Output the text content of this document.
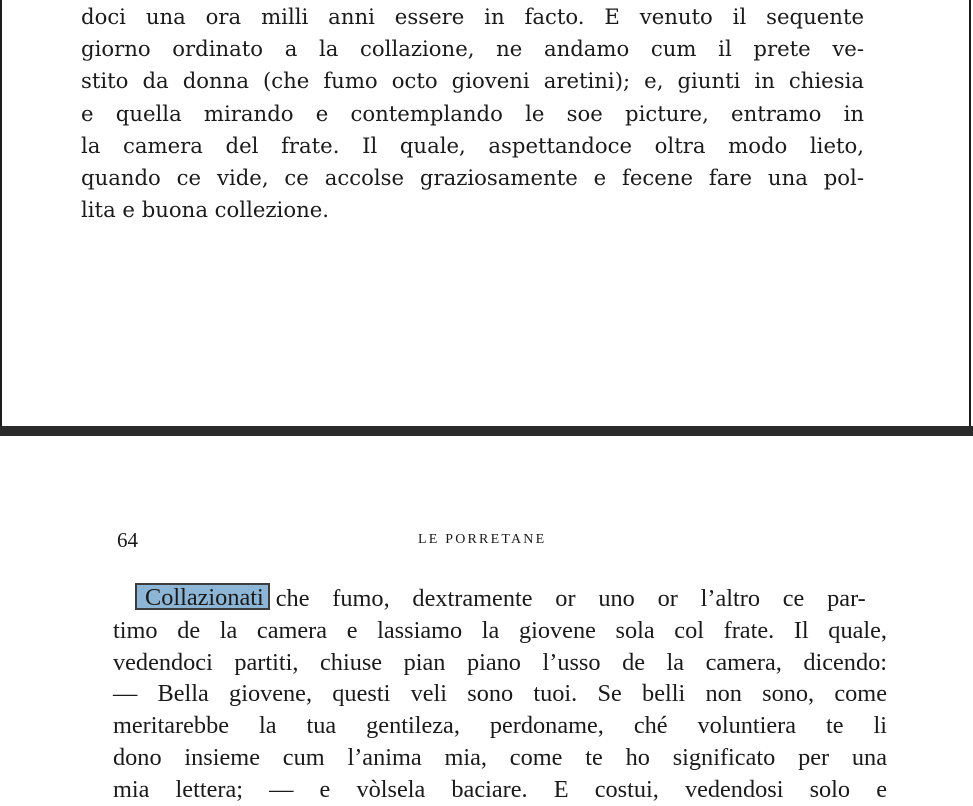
doci una ora milli anni essere in facto. E venuto il sequente
giorno ordinato a la collazione, ne andamo cum il prete ve-
stito da donna (che fumo octo gioveni aretini); e, giunti in chiesia
e quella mirando e contemplando le soe picture, entramo in
la camera del frate. Il quale, aspettandoce oltra modo lieto,
quando ce vide, ce accolse graziosamente e fecene fare una pol-
lita e buona collezione.
64	LE PORRETANE
Collazionati che fumo, dextramente or uno or l’altro ce par-
timo de la camera e lassiamo la giovene sola col frate. Il quale,
vedendoci partiti, chiuse pian piano l’usso de la camera, dicendo:
— Bella giovene, questi veli sono tuoi. Se belli non sono, come
meritarebbe la tua gentileza, perdoname, ché voluntiera te li
dono insieme cum l’anima mia, come te ho significato per una
mia lettera; — e vòlsela baciare. E costui, vedendosi solo e
